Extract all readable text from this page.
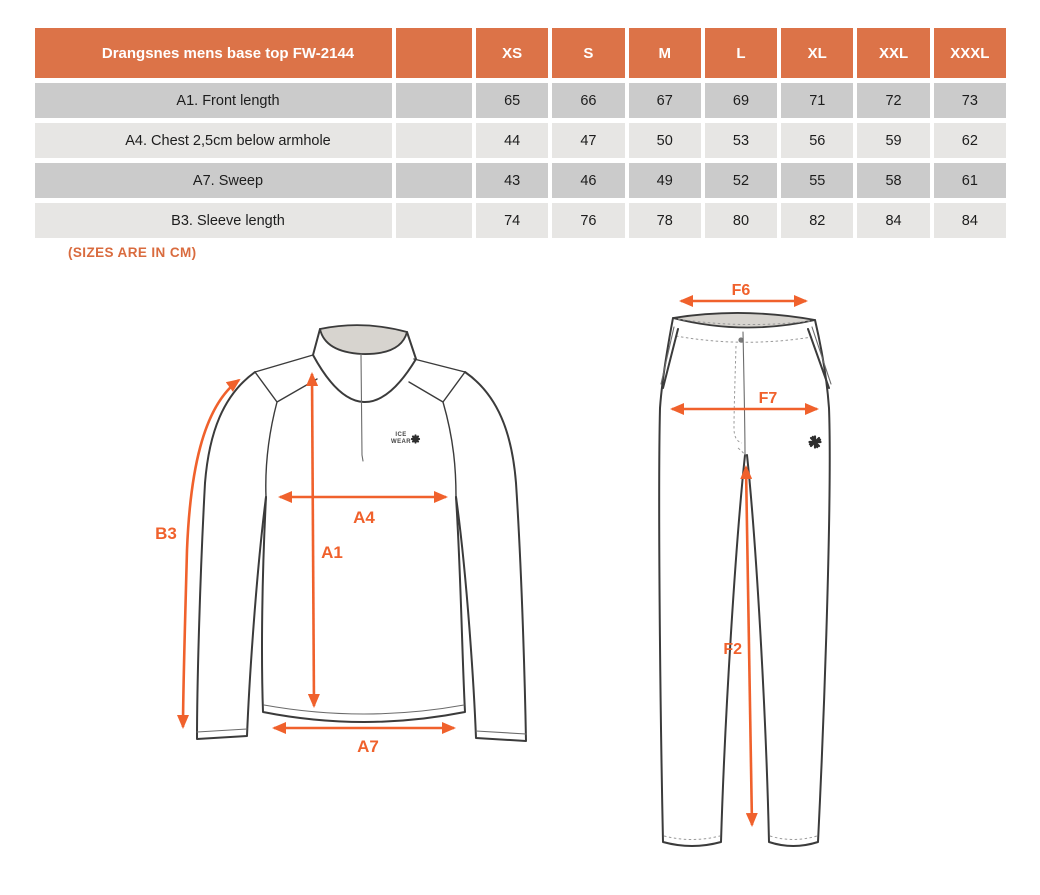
Drangsnes mens base top FW-2144		XS	S	M	L	XL	XXL	XXXL
A1. Front length		65	66	67	69	71	72	73
A4. Chest 2,5cm below armhole		44	47	50	53	56	59	62
A7. Sweep		43	46	49	52	55	58	61
B3. Sleeve length		74	76	78	80	82	84	84
(SIZES ARE IN CM)
ICE
WEAR
B3
A1
A4
A7
F6
F7
F2
